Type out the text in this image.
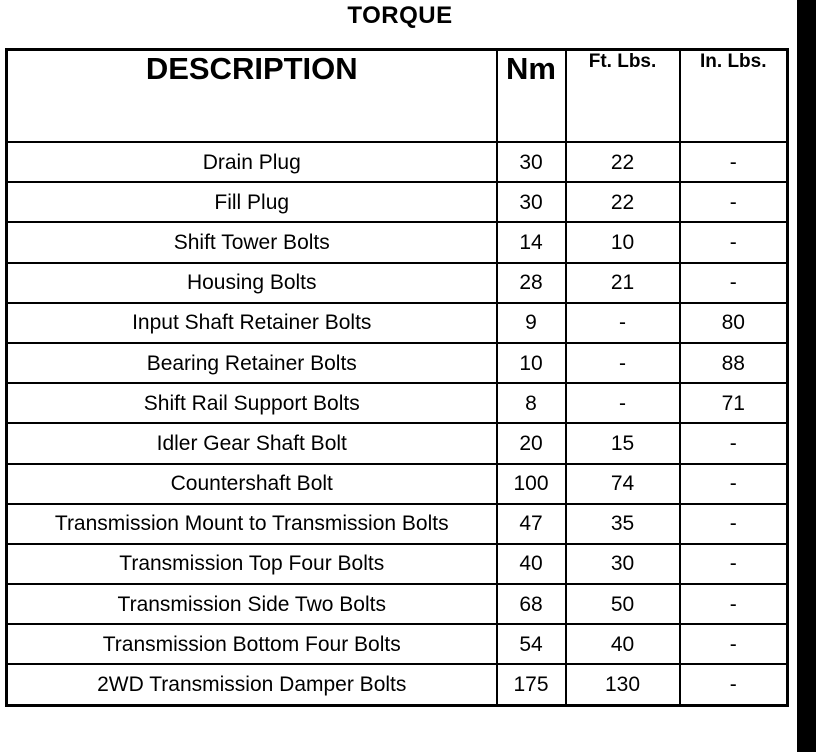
TORQUE
DESCRIPTION	Nm	Ft. Lbs.	In. Lbs.
Drain Plug	30	22	-
Fill Plug	30	22	-
Shift Tower Bolts	14	10	-
Housing Bolts	28	21	-
Input Shaft Retainer Bolts	9	-	80
Bearing Retainer Bolts	10	-	88
Shift Rail Support Bolts	8	-	71
Idler Gear Shaft Bolt	20	15	-
Countershaft Bolt	100	74	-
Transmission Mount to Transmission Bolts	47	35	-
Transmission Top Four Bolts	40	30	-
Transmission Side Two Bolts	68	50	-
Transmission Bottom Four Bolts	54	40	-
2WD Transmission Damper Bolts	175	130	-
